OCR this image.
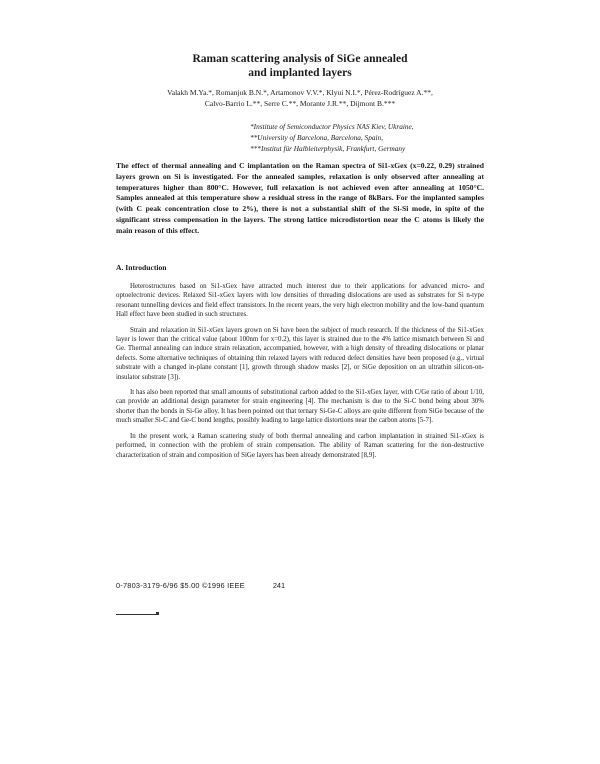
Raman scattering analysis of SiGe annealed
and implanted layers
Valakh M.Ya.*, Romanjuk B.N.*, Artamonov V.V.*, Klyui N.I.*, Pérez-Rodríguez A.**,
Calvo-Barrio L.**, Serre C.**, Morante J.R.**, Dijmont B.***
*Institute of Semiconductor Physics NAS Kiev, Ukraine,
**University of Barcelona, Barcelona, Spain,
***Institut für Halbleiterphysik, Frankfurt, Germany
The effect of thermal annealing and C implantation on the Raman spectra of Si1-xGex (x=0.22, 0.29) strained layers grown on Si is investigated. For the annealed samples, relaxation is only observed after annealing at temperatures higher than 800°C. However, full relaxation is not achieved even after annealing at 1050°C. Samples annealed at this temperature show a residual stress in the range of 8kBars. For the implanted samples (with C peak concentration close to 2%), there is not a substantial shift of the Si-Si mode, in spite of the significant stress compensation in the layers. The strong lattice microdistortion near the C atoms is likely the main reason of this effect.
A. Introduction

Heterostructures based on Si1-xGex have attracted much interest due to their applications for advanced micro- and optoelectronic devices. Relaxed Si1-xGex layers with low densities of threading dislocations are used as substrates for Si n-type resonant tunnelling devices and field effect transistors. In the recent years, the very high electron mobility and the low-band quantum Hall effect have been studied in such structures.

Strain and relaxation in Si1-xGex layers grown on Si have been the subject of much research. If the thickness of the Si1-xGex layer is lower than the critical value (about 100nm for x=0.2), this layer is strained due to the 4% lattice mismatch between Si and Ge. Thermal annealing can induce strain relaxation, accompanied, however, with a high density of threading dislocations or planar defects. Some alternative techniques of obtaining thin relaxed layers with reduced defect densities have been proposed (e.g., virtual substrate with a changed in-plane constant [1], growth through shadow masks [2], or SiGe deposition on an ultrathin silicon-on-insulator substrate [3]).

It has also been reported that small amounts of substitutional carbon added to the Si1-xGex layer, with C/Ge ratio of about 1/10, can provide an additional design parameter for strain engineering [4]. The mechanism is due to the Si-C bond being about 30% shorter than the bonds in Si-Ge alloy. It has been pointed out that ternary Si-Ge-C alloys are quite different from SiGe because of the much smaller Si-C and Ge-C bond lengths, possibly leading to large lattice distortions near the carbon atoms [5-7].

In the present work, a Raman scattering study of both thermal annealing and carbon implantation in strained Si1-xGex is performed, in connection with the problem of strain compensation. The ability of Raman scattering for the non-destructive characterization of strain and composition of SiGe layers has been already demonstrated [8,9].

0-7803-3179-6/96 $5.00 ©1996 IEEE	241
